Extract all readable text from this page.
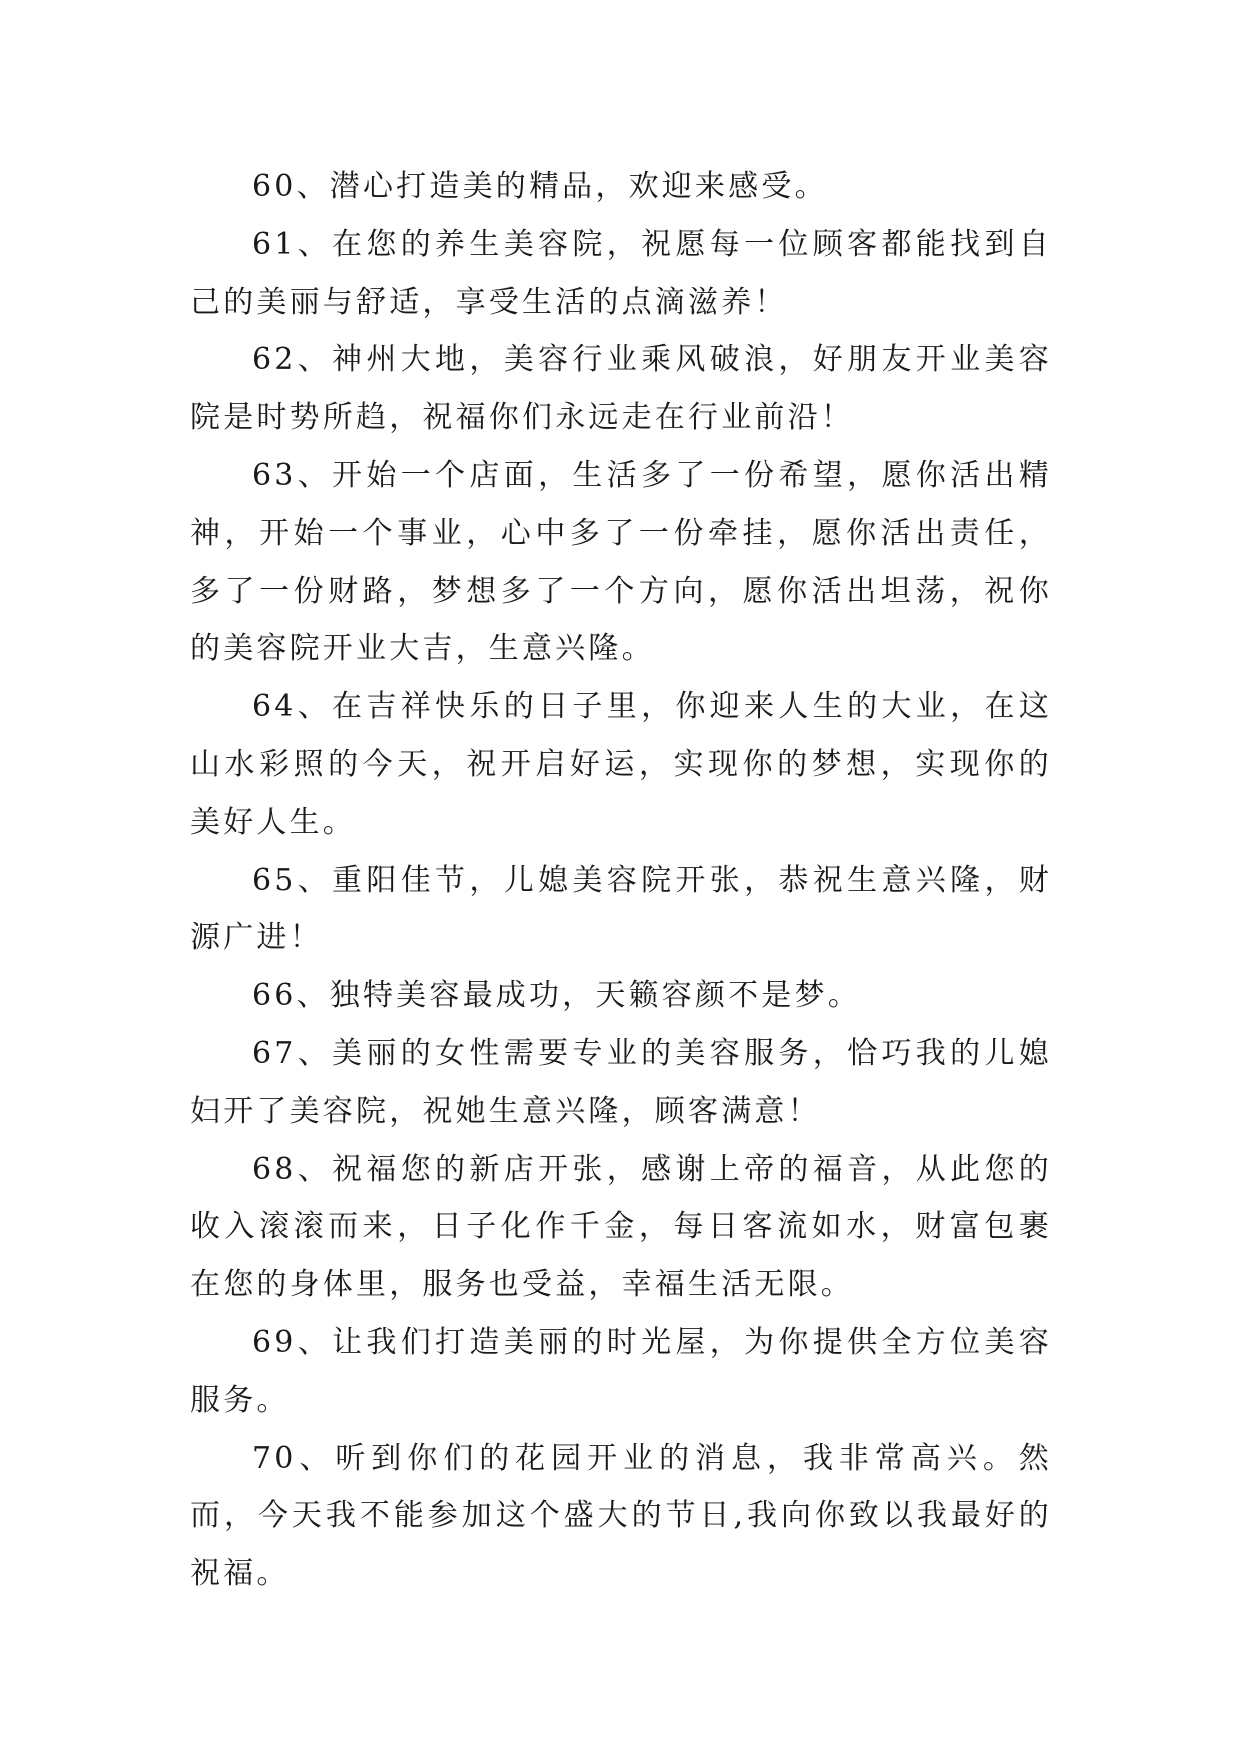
60、潜心打造美的精品，欢迎来感受。

61、在您的养生美容院，祝愿每一位顾客都能找到自己的美丽与舒适，享受生活的点滴滋养！

62、神州大地，美容行业乘风破浪，好朋友开业美容院是时势所趋，祝福你们永远走在行业前沿！

63、开始一个店面，生活多了一份希望，愿你活出精神，开始一个事业，心中多了一份牵挂，愿你活出责任，多了一份财路，梦想多了一个方向，愿你活出坦荡，祝你的美容院开业大吉，生意兴隆。

64、在吉祥快乐的日子里，你迎来人生的大业，在这山水彩照的今天，祝开启好运，实现你的梦想，实现你的美好人生。

65、重阳佳节，儿媳美容院开张，恭祝生意兴隆，财源广进！

66、独特美容最成功，天籁容颜不是梦。

67、美丽的女性需要专业的美容服务，恰巧我的儿媳妇开了美容院，祝她生意兴隆，顾客满意！

68、祝福您的新店开张，感谢上帝的福音，从此您的收入滚滚而来，日子化作千金，每日客流如水，财富包裹在您的身体里，服务也受益，幸福生活无限。

69、让我们打造美丽的时光屋，为你提供全方位美容服务。

70、听到你们的花园开业的消息，我非常高兴。然而，今天我不能参加这个盛大的节日,我向你致以我最好的祝福。
